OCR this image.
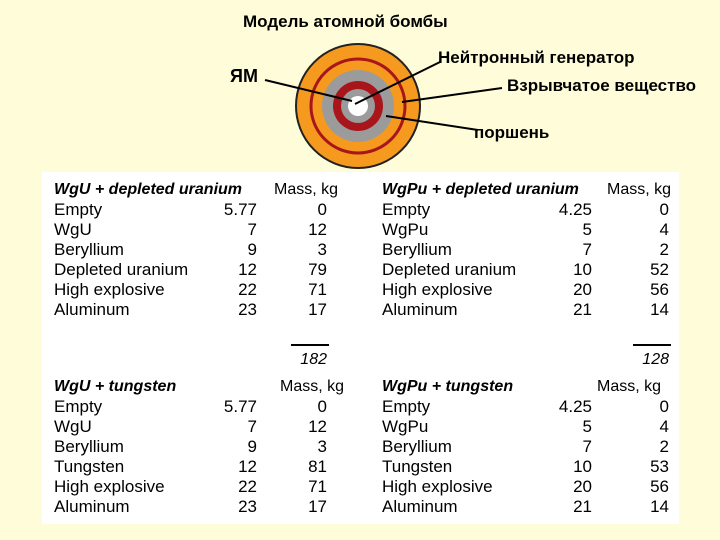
Модель атомной бомбы
ЯМ
Нейтронный генератор
Взрывчатое вещество
поршень
WgU + depleted uranium Mass, kg
Empty	5.77	0
WgU	7	12
Beryllium	9	3
Depleted uranium	12	79
High explosive	22	71
Aluminum	23	17
182
WgPu + depleted uranium Mass, kg
Empty	4.25	0
WgPu	5	4
Beryllium	7	2
Depleted uranium	10	52
High explosive	20	56
Aluminum	21	14
128
WgU + tungsten	Mass, kg
Empty	5.77	0
WgU	7	12
Beryllium	9	3
Tungsten	12	81
High explosive	22	71
Aluminum	23	17
WgPu + tungsten	Mass, kg
Empty	4.25	0
WgPu	5	4
Beryllium	7	2
Tungsten	10	53
High explosive	20	56
Aluminum	21	14
